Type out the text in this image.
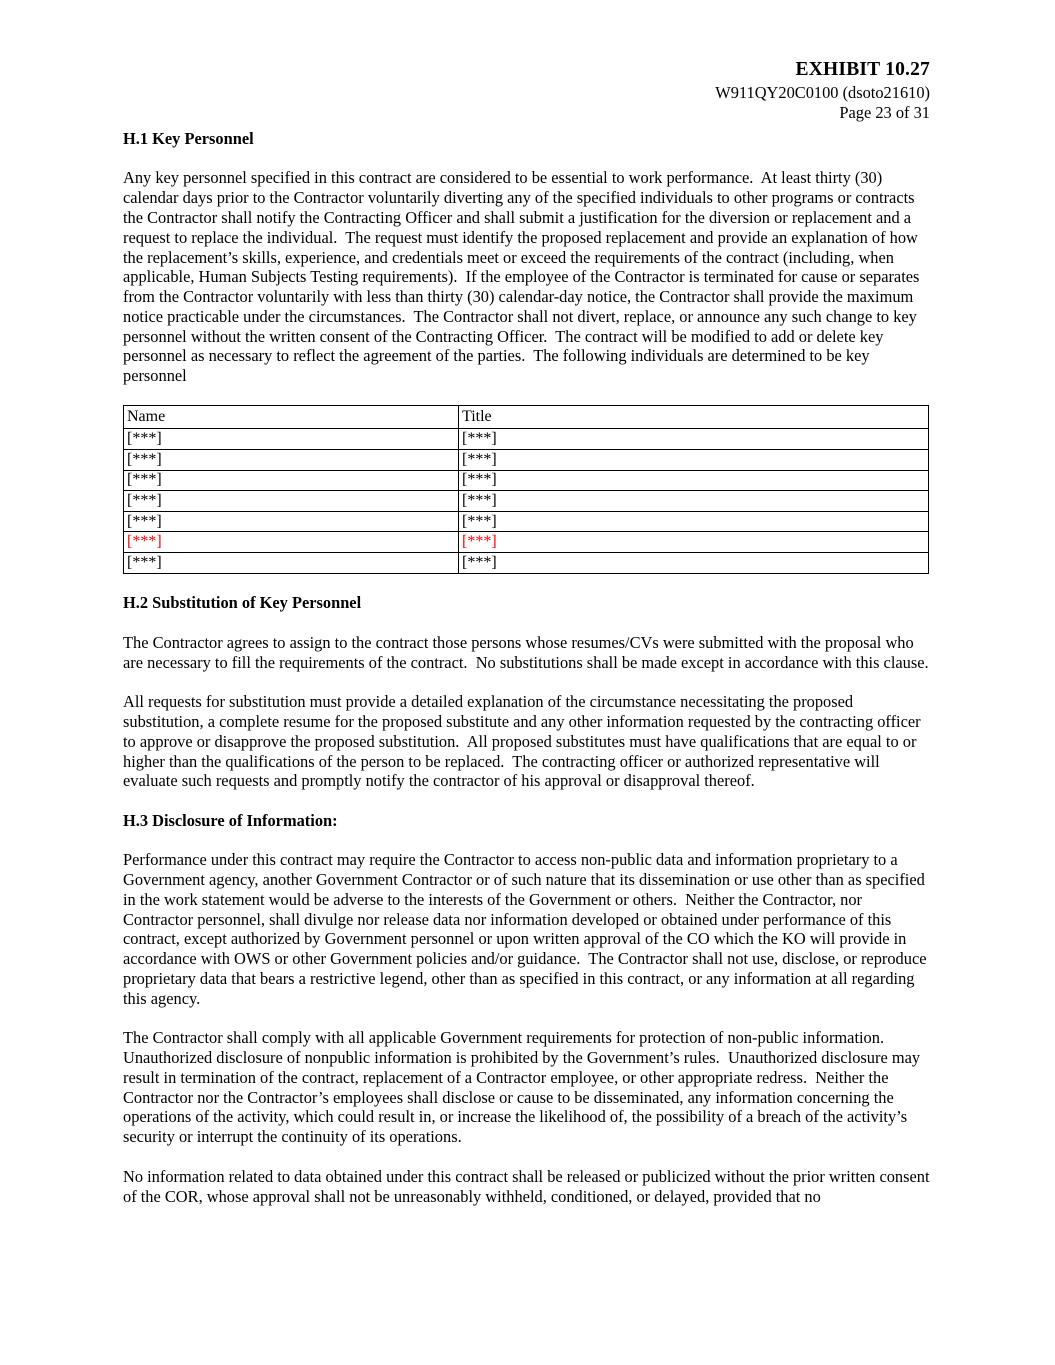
EXHIBIT 10.27
W911QY20C0100 (dsoto21610)
Page 23 of 31
H.1 Key Personnel

Any key personnel specified in this contract are considered to be essential to work performance.  At least thirty (30) calendar days prior to the Contractor voluntarily diverting any of the specified individuals to other programs or contracts the Contractor shall notify the Contracting Officer and shall submit a justification for the diversion or replacement and a request to replace the individual.  The request must identify the proposed replacement and provide an explanation of how the replacement’s skills, experience, and credentials meet or exceed the requirements of the contract (including, when applicable, Human Subjects Testing requirements).  If the employee of the Contractor is terminated for cause or separates from the Contractor voluntarily with less than thirty (30) calendar-day notice, the Contractor shall provide the maximum notice practicable under the circumstances.  The Contractor shall not divert, replace, or announce any such change to key personnel without the written consent of the Contracting Officer.  The contract will be modified to add or delete key personnel as necessary to reflect the agreement of the parties.  The following individuals are determined to be key personnel

Name	Title
[***]	[***]
[***]	[***]
[***]	[***]
[***]	[***]
[***]	[***]
[***]	[***]
[***]	[***]
H.2 Substitution of Key Personnel

The Contractor agrees to assign to the contract those persons whose resumes/CVs were submitted with the proposal who are necessary to fill the requirements of the contract.  No substitutions shall be made except in accordance with this clause.

All requests for substitution must provide a detailed explanation of the circumstance necessitating the proposed substitution, a complete resume for the proposed substitute and any other information requested by the contracting officer to approve or disapprove the proposed substitution.  All proposed substitutes must have qualifications that are equal to or higher than the qualifications of the person to be replaced.  The contracting officer or authorized representative will evaluate such requests and promptly notify the contractor of his approval or disapproval thereof.

H.3 Disclosure of Information:

Performance under this contract may require the Contractor to access non-public data and information proprietary to a Government agency, another Government Contractor or of such nature that its dissemination or use other than as specified in the work statement would be adverse to the interests of the Government or others.  Neither the Contractor, nor Contractor personnel, shall divulge nor release data nor information developed or obtained under performance of this contract, except authorized by Government personnel or upon written approval of the CO which the KO will provide in accordance with OWS or other Government policies and/or guidance.  The Contractor shall not use, disclose, or reproduce proprietary data that bears a restrictive legend, other than as specified in this contract, or any information at all regarding this agency.

The Contractor shall comply with all applicable Government requirements for protection of non-public information.  Unauthorized disclosure of nonpublic information is prohibited by the Government’s rules.  Unauthorized disclosure may result in termination of the contract, replacement of a Contractor employee, or other appropriate redress.  Neither the Contractor nor the Contractor’s employees shall disclose or cause to be disseminated, any information concerning the operations of the activity, which could result in, or increase the likelihood of, the possibility of a breach of the activity’s security or interrupt the continuity of its operations.

No information related to data obtained under this contract shall be released or publicized without the prior written consent of the COR, whose approval shall not be unreasonably withheld, conditioned, or delayed, provided that no
